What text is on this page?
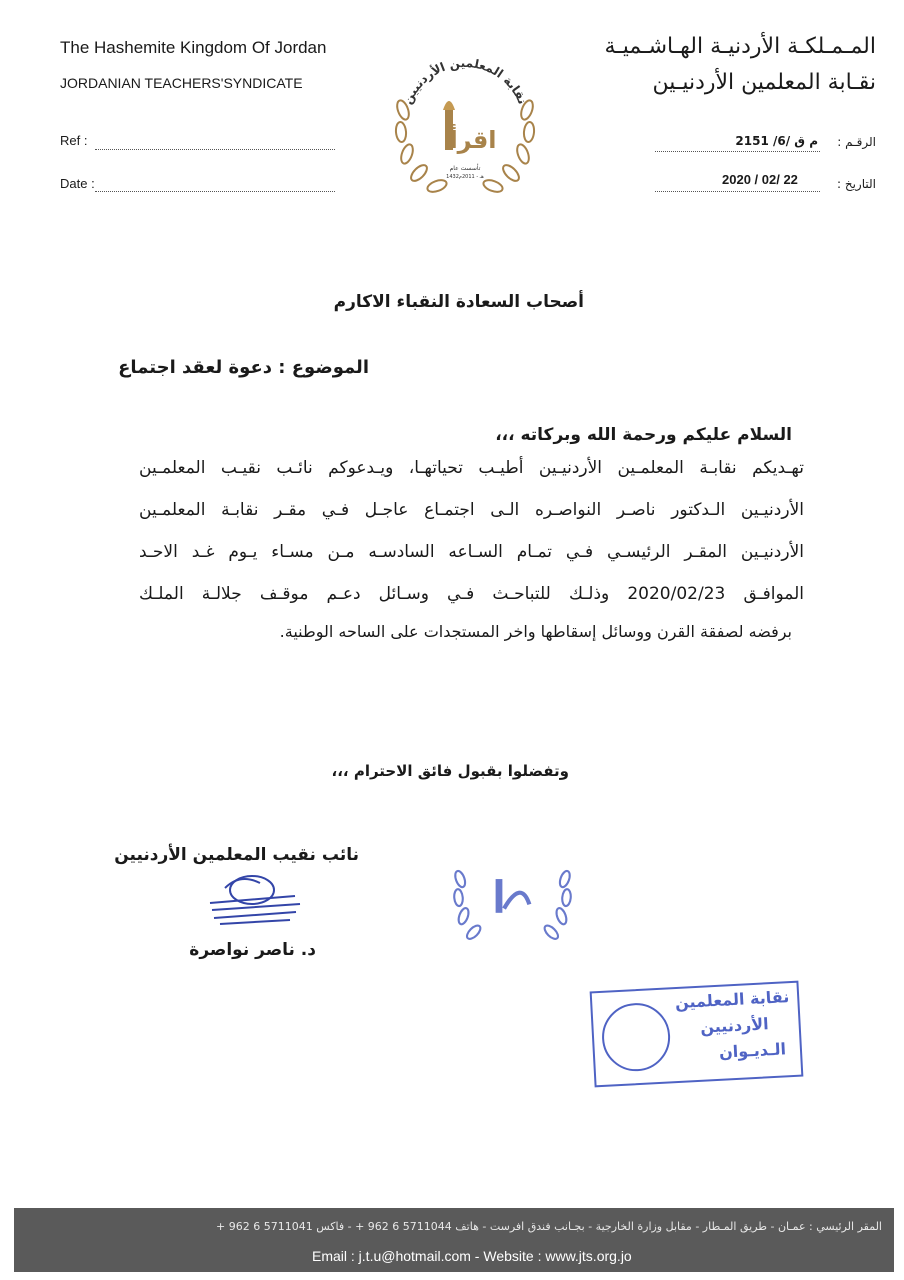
The Hashemite Kingdom Of Jordan
JORDANIAN TEACHERS'SYNDICATE
Ref :
Date :
المـمـلكـة الأردنيـة الهـاشـميـة
نقـابة المعلمين الأردنيـين
الرقـم :
م ق /6/ 2151
التاريخ :
2020 / 02/ 22
نقابة المعلمين الأردنيين
اقرأ
تأسست عام
1432هـ - 2011م
أصحاب السعادة النقباء الاكارم
الموضوع : دعوة لعقد اجتماع
السلام عليكم ورحمة الله وبركاته ،،،
تهـديكم نقابـة المعلمـين الأردنيـين أطيـب تحياتهـا، ويـدعوكم نائـب نقيـب المعلمـين
الأردنيـين الـدكتور ناصـر النواصـره الـى اجتمـاع عاجـل فـي مقـر نقابـة المعلمـين
الأردنيـين المقـر الرئيسـي فـي تمـام السـاعه السادسـه مـن مسـاء يـوم غـد الاحـد
الموافـق 2020/02/23 وذلـك للتباحـث فـي وسـائل دعـم موقـف جلالـة الملـك
برفضه لصفقة القرن ووسائل إسقاطها واخر المستجدات على الساحه الوطنية.
وتفضلوا بقبول فائق الاحترام ،،،
نائب نقيب المعلمين الأردنيين
د. ناصر نواصرة
نقابة المعلمين
الأردنيين
الـديـوان
المقر الرئيسي : عمـان - طريق المـطار - مقابل وزارة الخارجية - بجـانب فندق افرست - هاتف 5711044 6 962 + - فاكس 5711041 6 962 +
Email : j.t.u@hotmail.com - Website : www.jts.org.jo
